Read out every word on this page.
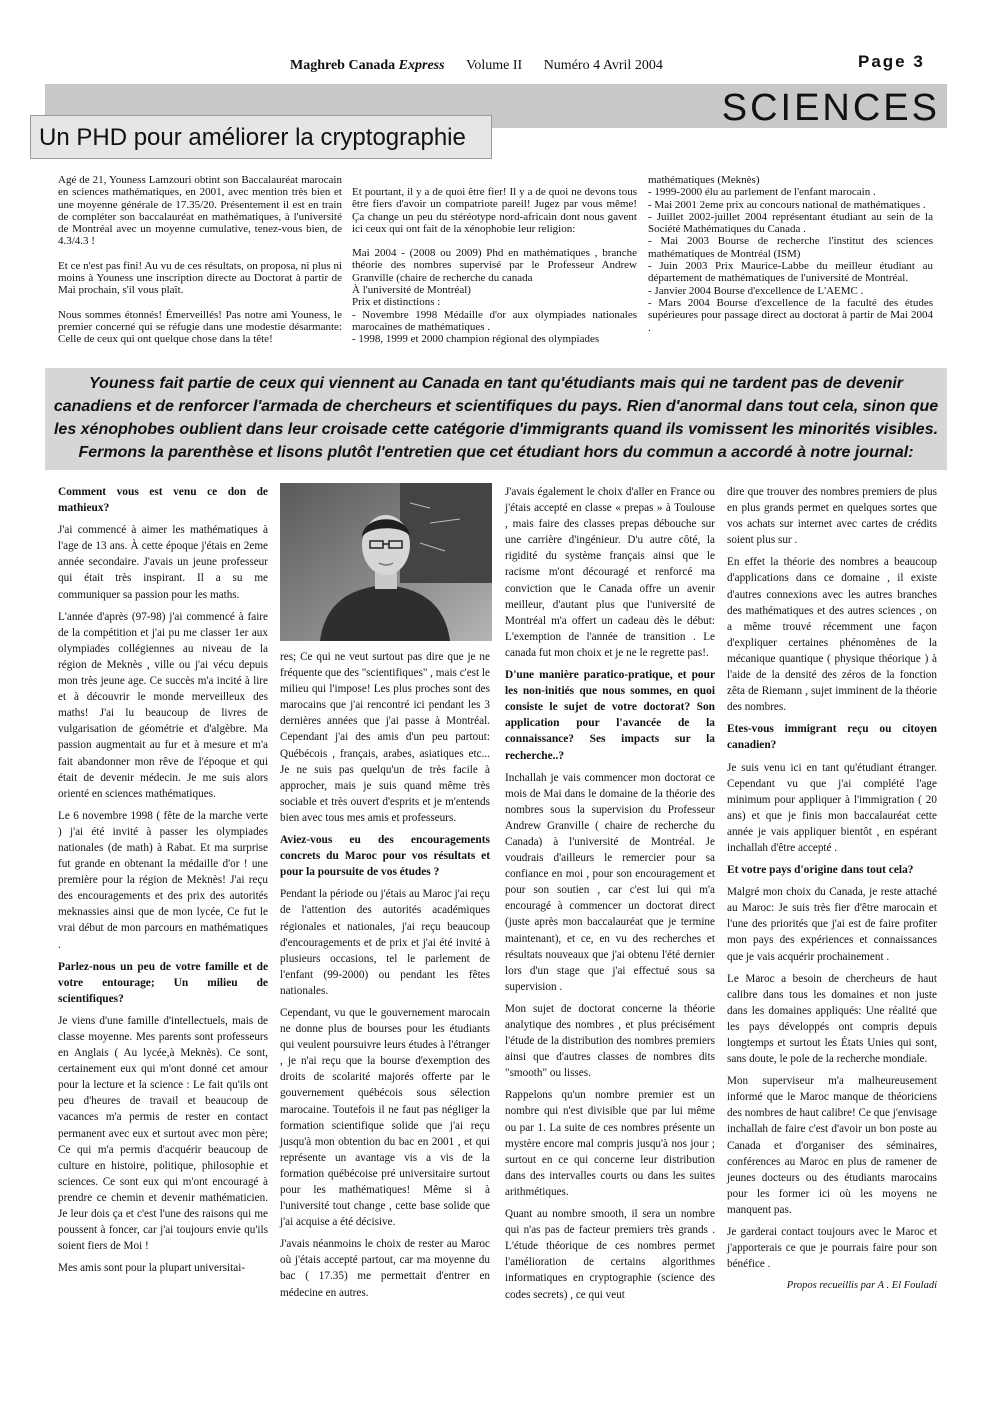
Maghreb Canada Express Volume II Numéro 4 Avril 2004	Page 3
SCIENCES
Un PHD pour améliorer la cryptographie

Agé de 21, Youness Lamzouri obtint son Baccalauréat marocain en sciences mathématiques, en 2001, avec mention très bien et une moyenne générale de 17.35/20. Présentement il est en train de compléter son baccalauréat en mathématiques, à l'université de Montréal avec un moyenne cumulative, tenez-vous bien, de 4.3/4.3 !

Et ce n'est pas fini! Au vu de ces résultats, on proposa, ni plus ni moins à Youness une inscription directe au Doctorat à partir de Mai prochain, s'il vous plaît.

Nous sommes étonnés! Émerveillés! Pas notre ami Youness, le premier concerné qui se réfugie dans une modestie désarmante: Celle de ceux qui ont quelque chose dans la tête!

Et pourtant, il y a de quoi être fier! Il y a de quoi ne devons tous être fiers d'avoir un compatriote pareil! Jugez par vous même! Ça change un peu du stéréotype nord-africain dont nous gavent ici ceux qui ont fait de la xénophobie leur religion:

Mai 2004 - (2008 ou 2009) Phd en mathématiques , branche théorie des nombres supervisé par le Professeur Andrew Granville (chaire de recherche du canada

À l'université de Montréal)

Prix et distinctions :

- Novembre 1998 Médaille d'or aux olympiades nationales marocaines de mathématiques .

- 1998, 1999 et 2000 champion régional des olympiades

mathématiques (Meknès)

- 1999-2000 élu au parlement de l'enfant marocain .

- Mai 2001 2eme prix au concours national de mathématiques .

- Juillet 2002-juillet 2004 représentant étudiant au sein de la Société Mathématiques du Canada .

- Mai 2003 Bourse de recherche l'institut des sciences mathématiques de Montréal (ISM)

- Juin 2003 Prix Maurice-Labbe du meilleur étudiant au département de mathématiques de l'université de Montréal.

- Janvier 2004 Bourse d'excellence de L'AEMC .

- Mars 2004 Bourse d'excellence de la faculté des études supérieures pour passage direct au doctorat à partir de Mai 2004 .

Youness fait partie de ceux qui viennent au Canada en tant qu'étudiants mais qui ne tardent pas de devenir canadiens et de renforcer l'armada de chercheurs et scientifiques du pays. Rien d'anormal dans tout cela, sinon que les xénophobes oublient dans leur croisade cette catégorie d'immigrants quand ils vomissent les minorités visibles. Fermons la parenthèse et lisons plutôt l'entretien que cet étudiant hors du commun a accordé à notre journal:

Comment vous est venu ce don de mathieux?

J'ai commencé à aimer les mathématiques à l'age de 13 ans. À cette époque j'étais en 2eme année secondaire. J'avais un jeune professeur qui était très inspirant. Il a su me communiquer sa passion pour les maths.

L'année d'après (97-98) j'ai commencé à faire de la compétition et j'ai pu me classer 1er aux olympiades collégiennes au niveau de la région de Meknès , ville ou j'ai vécu depuis mon très jeune age. Ce succès m'a incité à lire et à découvrir le monde merveilleux des maths! J'ai lu beaucoup de livres de vulgarisation de géométrie et d'algèbre. Ma passion augmentait au fur et à mesure et m'a fait abandonner mon rêve de l'époque et qui était de devenir médecin. Je me suis alors orienté en sciences mathématiques.

Le 6 novembre 1998 ( fête de la marche verte ) j'ai été invité à passer les olympiades nationales (de math) à Rabat. Et ma surprise fut grande en obtenant la médaille d'or ! une première pour la région de Meknès! J'ai reçu des encouragements et des prix des autorités meknassies ainsi que de mon lycée, Ce fut le vrai début de mon parcours en mathématiques .

Parlez-nous un peu de votre famille et de votre entourage; Un milieu de scientifiques?

Je viens d'une famille d'intellectuels, mais de classe moyenne. Mes parents sont professeurs en Anglais ( Au lycée,à Meknès). Ce sont, certainement eux qui m'ont donné cet amour pour la lecture et la science : Le fait qu'ils ont peu d'heures de travail et beaucoup de vacances m'a permis de rester en contact permanent avec eux et surtout avec mon père; Ce qui m'a permis d'acquérir beaucoup de culture en histoire, politique, philosophie et sciences. Ce sont eux qui m'ont encouragé à prendre ce chemin et devenir mathématicien. Je leur dois ça et c'est l'une des raisons qui me poussent à foncer, car j'ai toujours envie qu'ils soient fiers de Moi !

Mes amis sont pour la plupart universitai-

res; Ce qui ne veut surtout pas dire que je ne fréquente que des "scientifiques" , mais c'est le milieu qui l'impose! Les plus proches sont des marocains que j'ai rencontré ici pendant les 3 dernières années que j'ai passe à Montréal. Cependant j'ai des amis d'un peu partout: Québécois , français, arabes, asiatiques etc... Je ne suis pas quelqu'un de très facile à approcher, mais je suis quand même très sociable et très ouvert d'esprits et je m'entends bien avec tous mes amis et professeurs.

Aviez-vous eu des encouragements concrets du Maroc pour vos résultats et pour la poursuite de vos études ?

Pendant la période ou j'étais au Maroc j'ai reçu de l'attention des autorités académiques régionales et nationales, j'ai reçu beaucoup d'encouragements et de prix et j'ai été invité à plusieurs occasions, tel le parlement de l'enfant (99-2000) ou pendant les fêtes nationales.

Cependant, vu que le gouvernement marocain ne donne plus de bourses pour les étudiants qui veulent poursuivre leurs études à l'étranger , je n'ai reçu que la bourse d'exemption des droits de scolarité majorés offerte par le gouvernement québécois sous sélection marocaine. Toutefois il ne faut pas négliger la formation scientifique solide que j'ai reçu jusqu'à mon obtention du bac en 2001 , et qui représente un avantage vis a vis de la formation québécoise pré universitaire surtout pour les mathématiques! Même si à l'université tout change , cette base solide que j'ai acquise a été décisive.

J'avais néanmoins le choix de rester au Maroc où j'étais accepté partout, car ma moyenne du bac ( 17.35) me permettait d'entrer en médecine en autres.

J'avais également le choix d'aller en France ou j'étais accepté en classe « prepas » à Toulouse , mais faire des classes prepas débouche sur une carrière d'ingénieur. D'u autre côté, la rigidité du système français ainsi que le racisme m'ont découragé et renforcé ma conviction que le Canada offre un avenir meilleur, d'autant plus que l'université de Montréal m'a offert un cadeau dès le début: L'exemption de l'année de transition . Le canada fut mon choix et je ne le regrette pas!.

D'une manière paratico-pratique, et pour les non-initiés que nous sommes, en quoi consiste le sujet de votre doctorat? Son application pour l'avancée de la connaissance? Ses impacts sur la recherche..?

Inchallah je vais commencer mon doctorat ce mois de Mai dans le domaine de la théorie des nombres sous la supervision du Professeur Andrew Granville ( chaire de recherche du Canada) à l'université de Montréal. Je voudrais d'ailleurs le remercier pour sa confiance en moi , pour son encouragement et pour son soutien , car c'est lui qui m'a encouragé à commencer un doctorat direct (juste après mon baccalauréat que je termine maintenant), et ce, en vu des recherches et résultats nouveaux que j'ai obtenu l'été dernier lors d'un stage que j'ai effectué sous sa supervision .

Mon sujet de doctorat concerne la théorie analytique des nombres , et plus précisément l'étude de la distribution des nombres premiers ainsi que d'autres classes de nombres dits "smooth" ou lisses.

Rappelons qu'un nombre premier est un nombre qui n'est divisible que par lui même ou par 1. La suite de ces nombres présente un mystère encore mal compris jusqu'à nos jour ; surtout en ce qui concerne leur distribution dans des intervalles courts ou dans les suites arithmétiques.

Quant au nombre smooth, il sera un nombre qui n'as pas de facteur premiers très grands . L'étude théorique de ces nombres permet l'amélioration de certains algorithmes informatiques en cryptographie (science des codes secrets) , ce qui veut

dire que trouver des nombres premiers de plus en plus grands permet en quelques sortes que vos achats sur internet avec cartes de crédits soient plus sur .

En effet la théorie des nombres a beaucoup d'applications dans ce domaine , il existe d'autres connexions avec les autres branches des mathématiques et des autres sciences , on a même trouvé récemment une façon d'expliquer certaines phénomènes de la mécanique quantique ( physique théorique ) à l'aide de la densité des zéros de la fonction zêta de Riemann , sujet imminent de la théorie des nombres.

Etes-vous immigrant reçu ou citoyen canadien?

Je suis venu ici en tant qu'étudiant étranger. Cependant vu que j'ai complété l'age minimum pour appliquer à l'immigration ( 20 ans) et que je finis mon baccalauréat cette année je vais appliquer bientôt , en espérant inchallah d'être accepté .

Et votre pays d'origine dans tout cela?

Malgré mon choix du Canada, je reste attaché au Maroc: Je suis très fier d'être marocain et l'une des priorités que j'ai est de faire profiter mon pays des expériences et connaissances que je vais acquérir prochainement .

Le Maroc a besoin de chercheurs de haut calibre dans tous les domaines et non juste dans les domaines appliqués: Une réalité que les pays développés ont compris depuis longtemps et surtout les États Unies qui sont, sans doute, le pole de la recherche mondiale.

Mon superviseur m'a malheureusement informé que le Maroc manque de théoriciens des nombres de haut calibre! Ce que j'envisage inchallah de faire c'est d'avoir un bon poste au Canada et d'organiser des séminaires, conférences au Maroc en plus de ramener de jeunes docteurs ou des étudiants marocains pour les former ici où les moyens ne manquent pas.

Je garderai contact toujours avec le Maroc et j'apporterais ce que je pourrais faire pour son bénéfice .

Propos recueillis par A . El Fouladi
